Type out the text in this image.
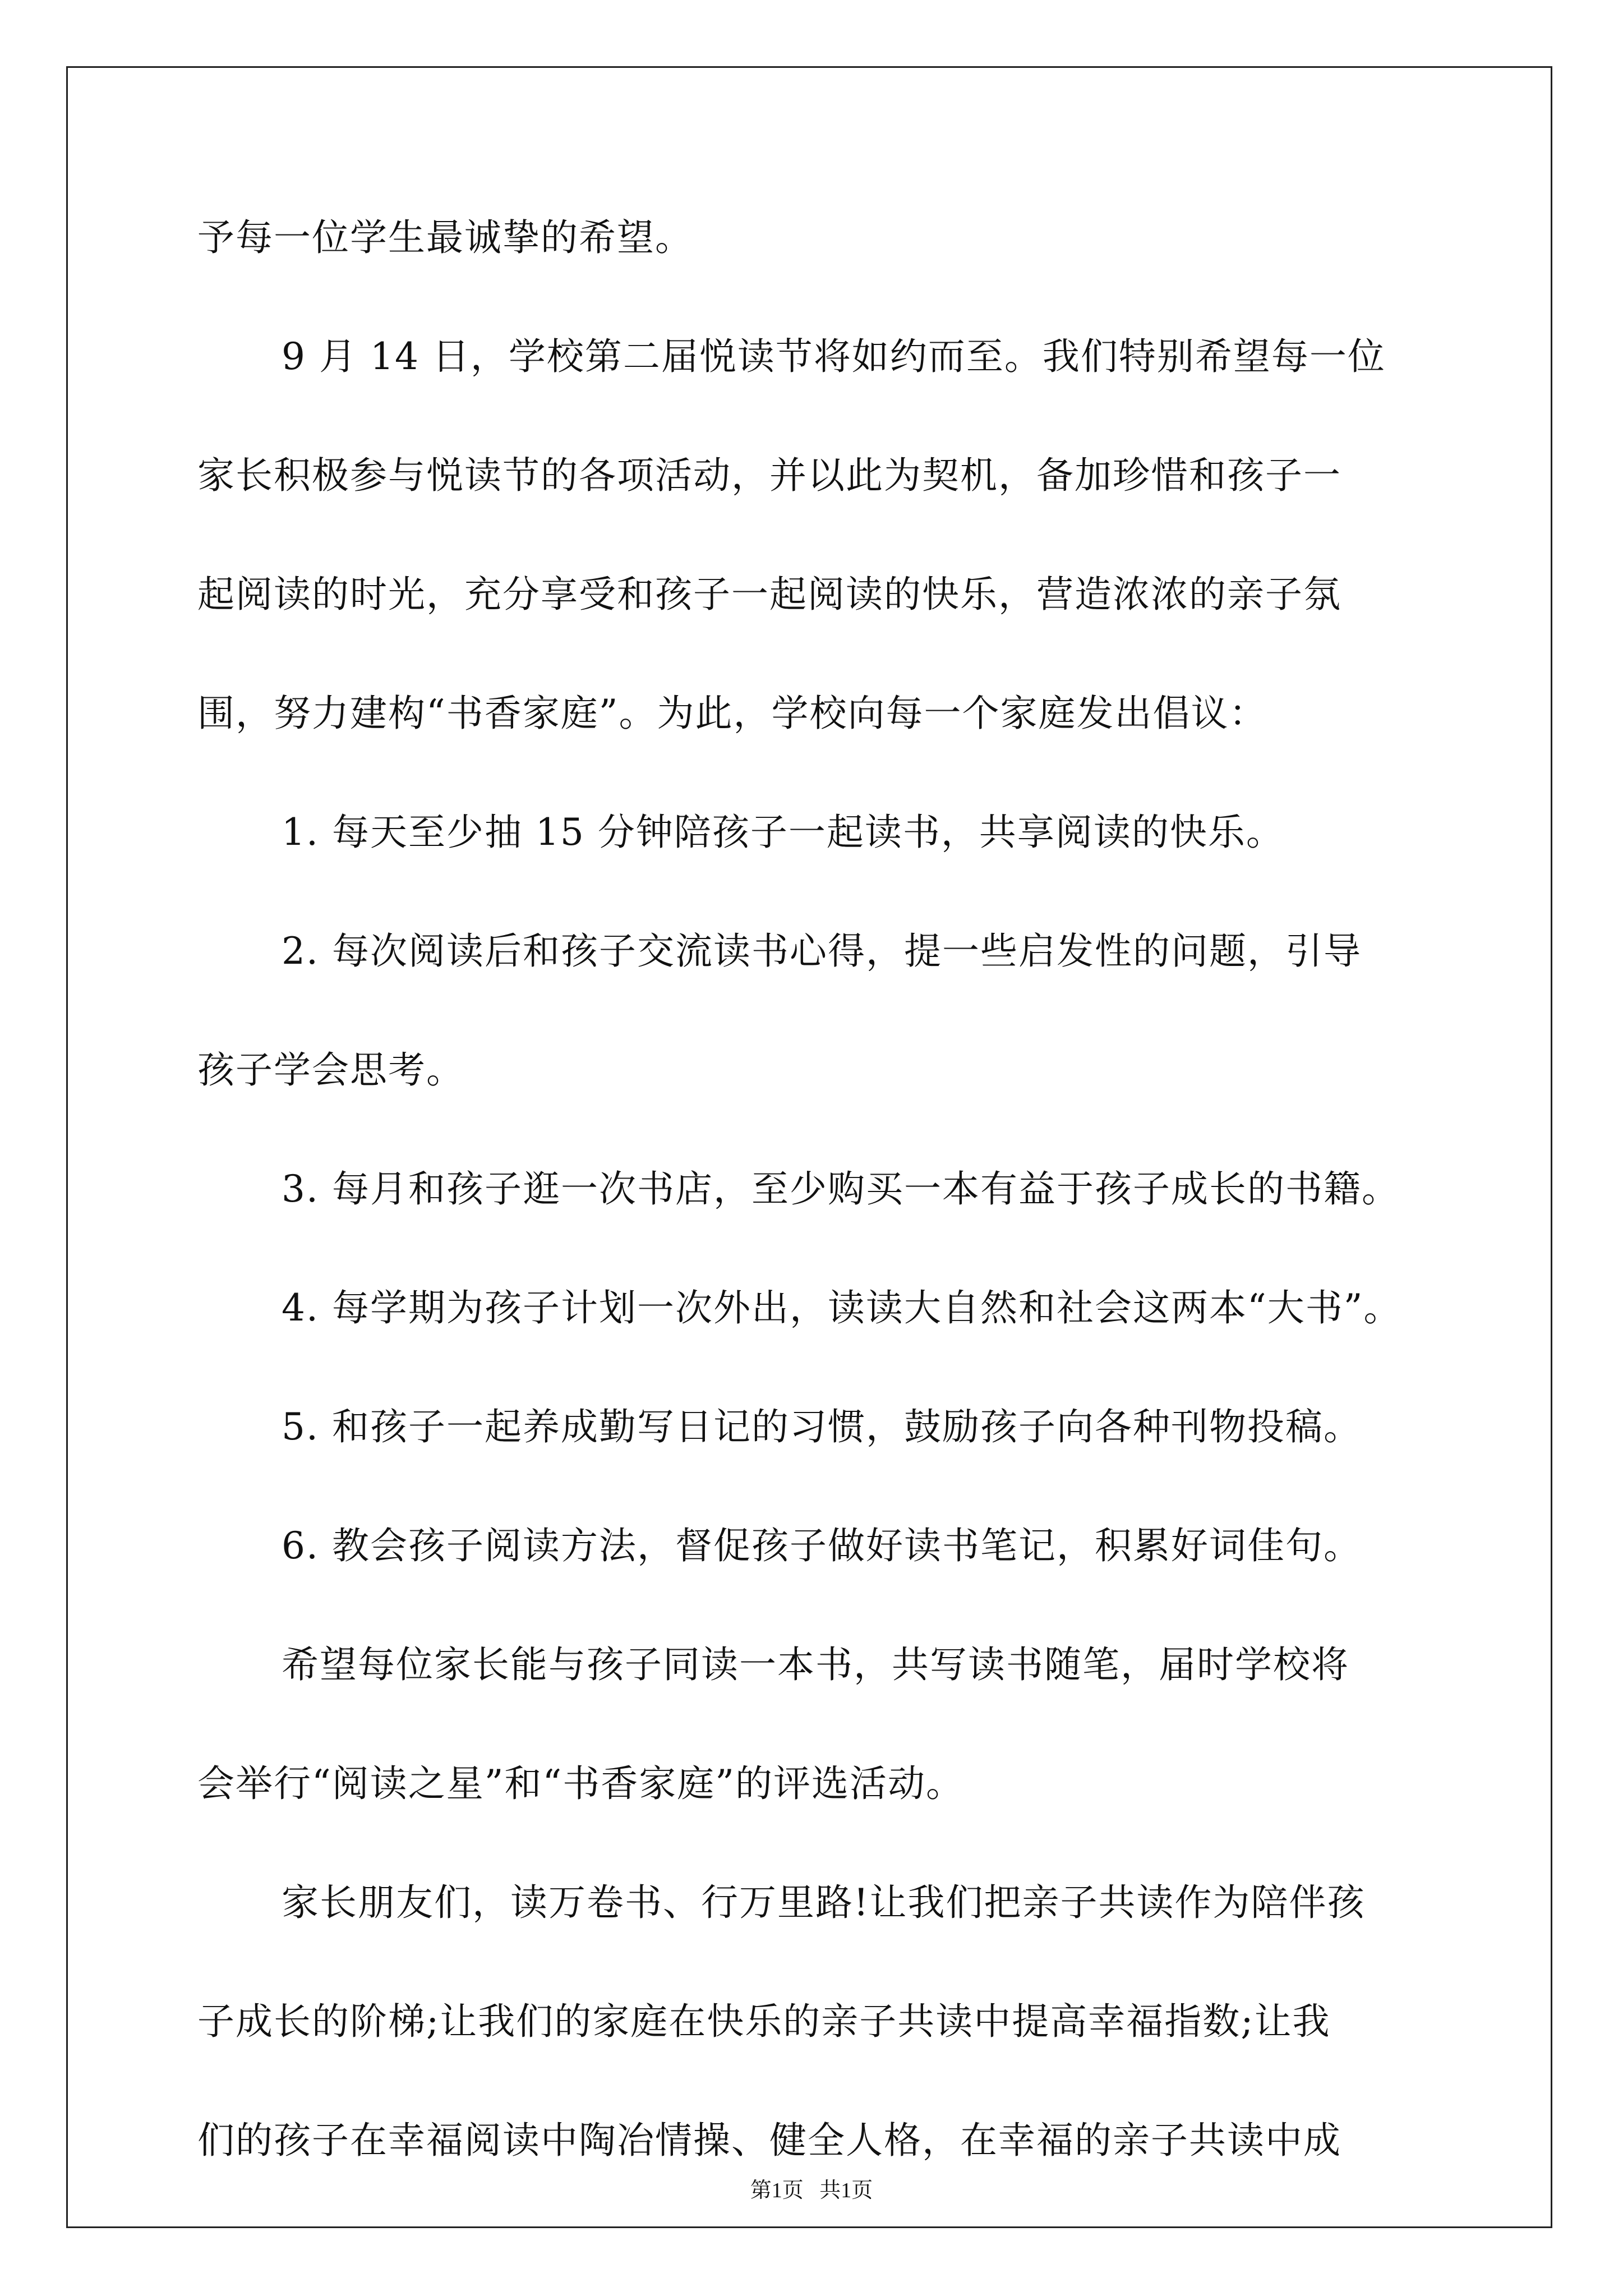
予每一位学生最诚挚的希望。
9 月 14 日，学校第二届悦读节将如约而至。我们特别希望每一位
家长积极参与悦读节的各项活动，并以此为契机，备加珍惜和孩子一
起阅读的时光，充分享受和孩子一起阅读的快乐，营造浓浓的亲子氛
围，努力建构“书香家庭”。为此，学校向每一个家庭发出倡议：
1. 每天至少抽 15 分钟陪孩子一起读书，共享阅读的快乐。
2. 每次阅读后和孩子交流读书心得，提一些启发性的问题，引导
孩子学会思考。
3. 每月和孩子逛一次书店，至少购买一本有益于孩子成长的书籍。
4. 每学期为孩子计划一次外出，读读大自然和社会这两本“大书”。
5. 和孩子一起养成勤写日记的习惯，鼓励孩子向各种刊物投稿。
6. 教会孩子阅读方法，督促孩子做好读书笔记，积累好词佳句。
希望每位家长能与孩子同读一本书，共写读书随笔，届时学校将
会举行“阅读之星”和“书香家庭”的评选活动。
家长朋友们，读万卷书、行万里路!让我们把亲子共读作为陪伴孩
子成长的阶梯;让我们的家庭在快乐的亲子共读中提高幸福指数;让我
们的孩子在幸福阅读中陶冶情操、健全人格，在幸福的亲子共读中成
第1页   共1页
